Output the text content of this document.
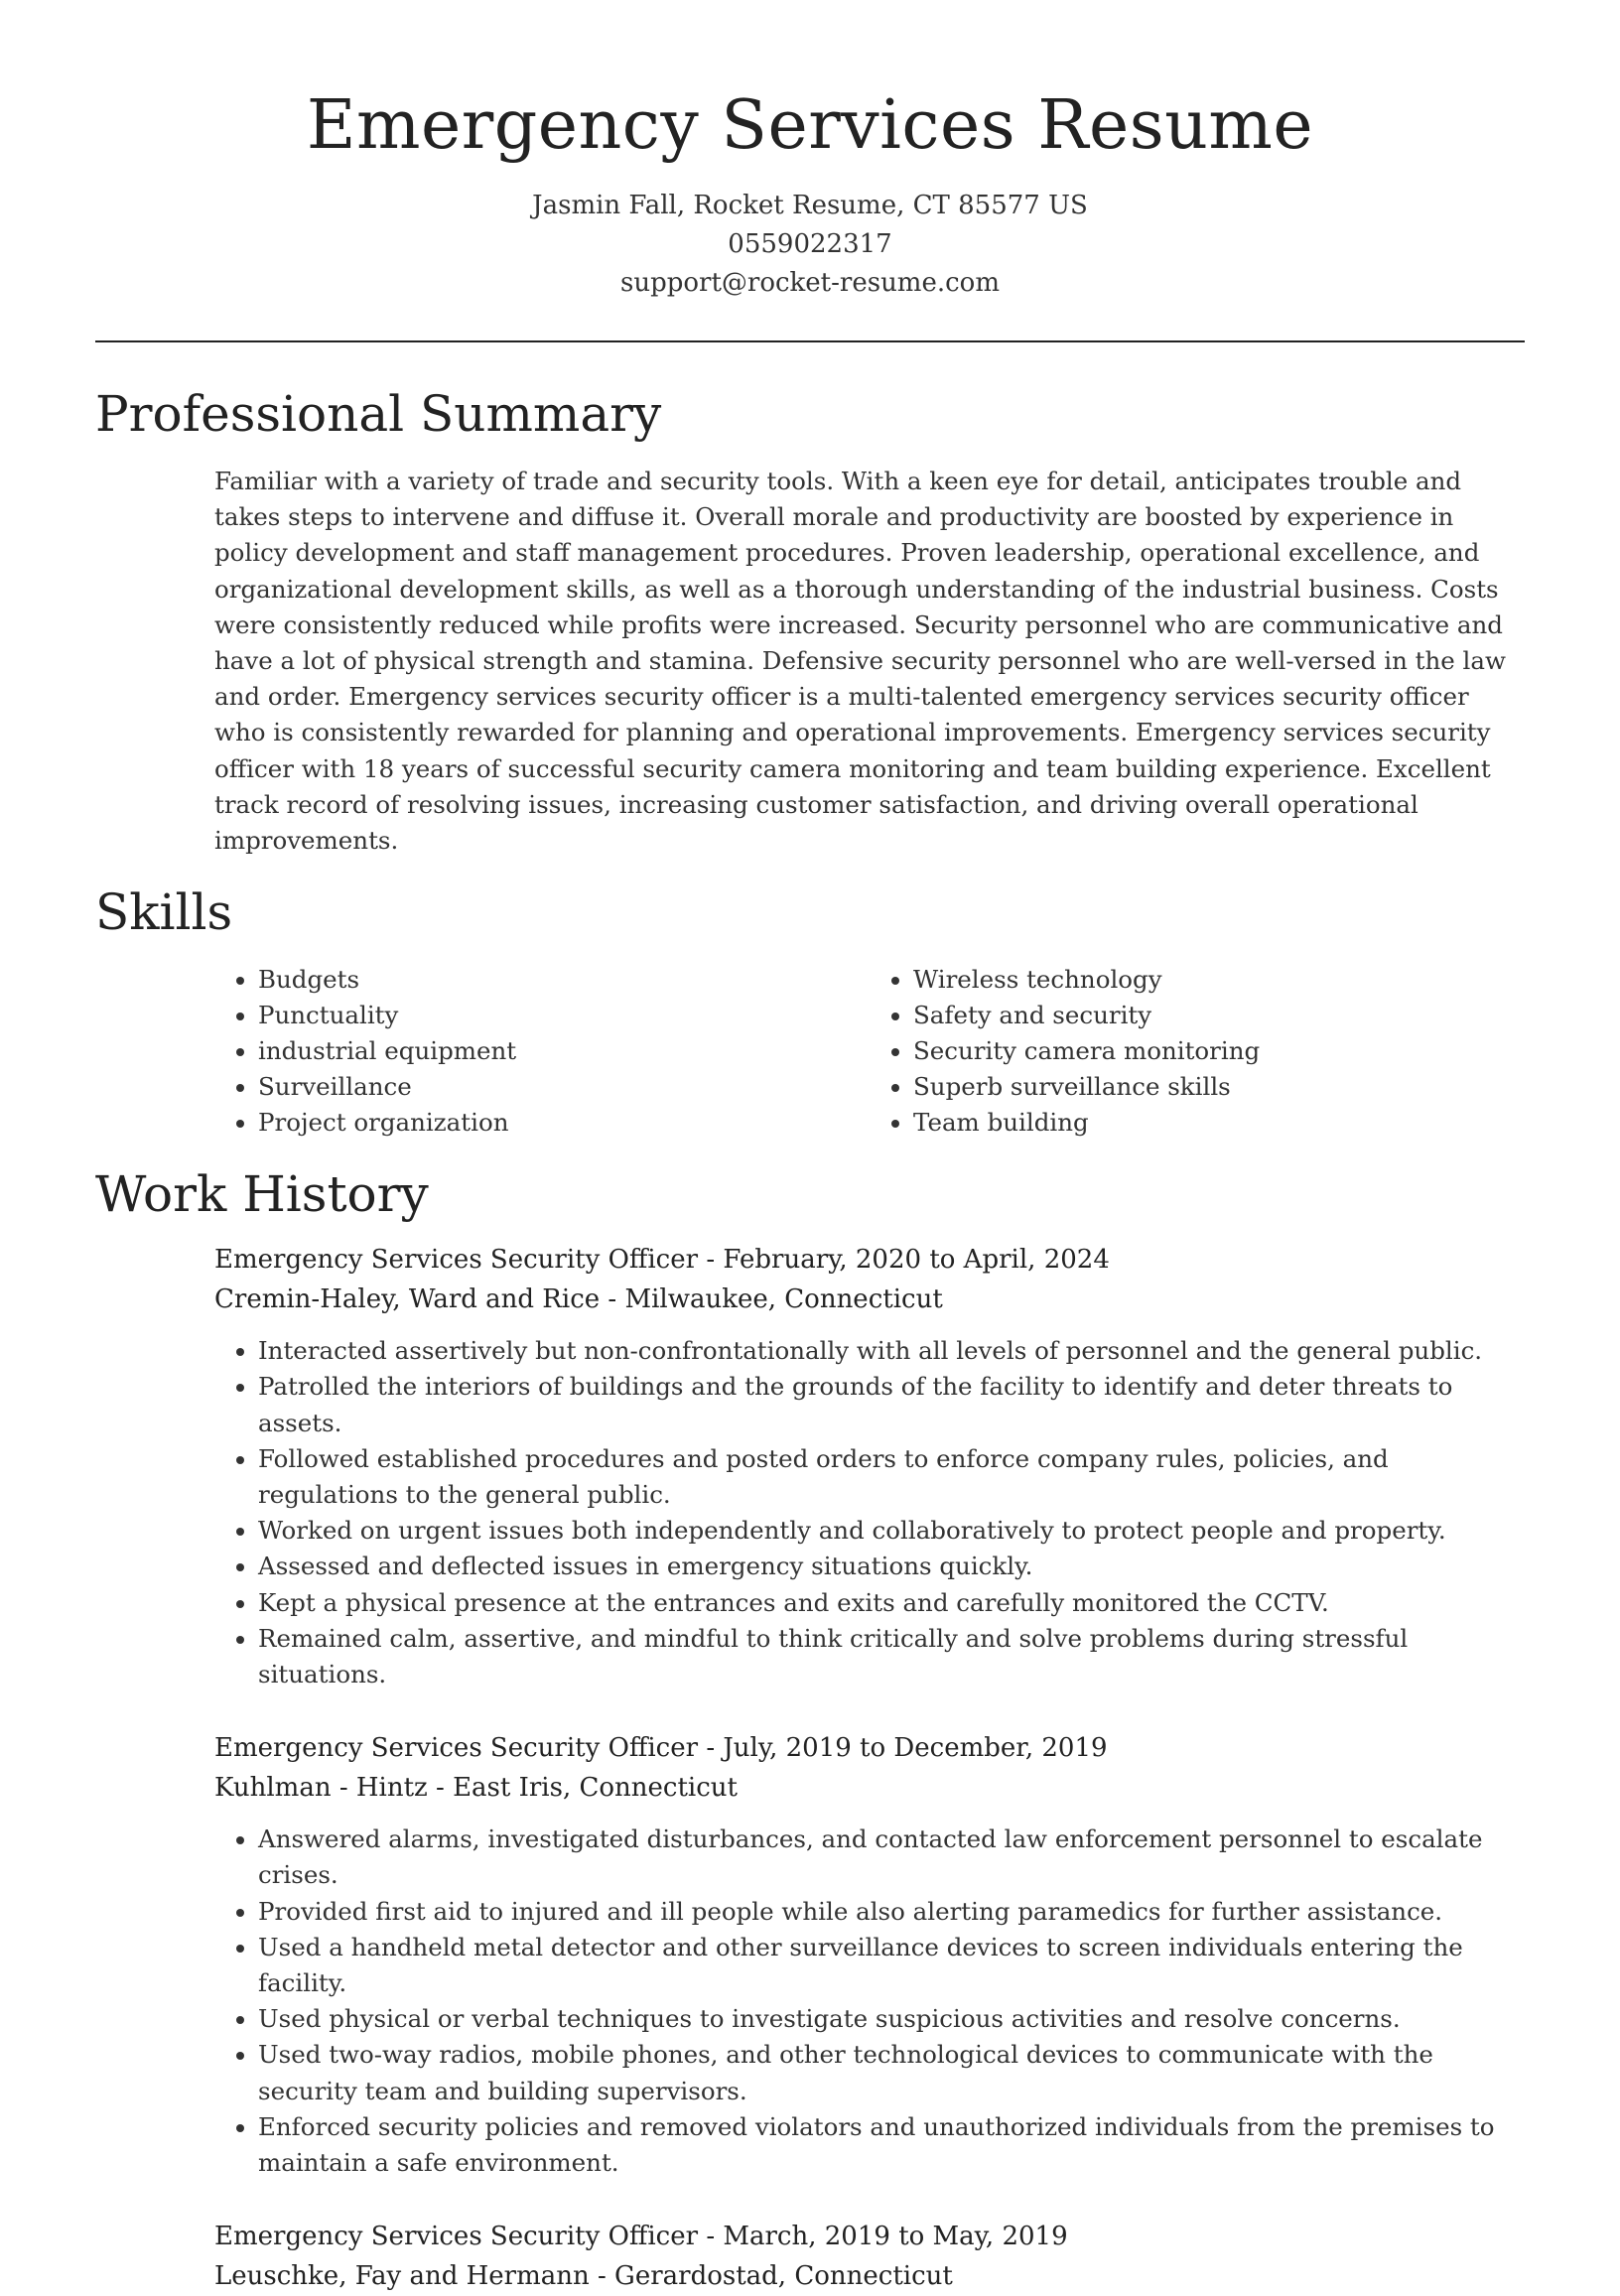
Emergency Services Resume
Jasmin Fall, Rocket Resume, CT 85577 US
0559022317
support@rocket-resume.com
Professional Summary

Familiar with a variety of trade and security tools. With a keen eye for detail, anticipates trouble and takes steps to intervene and diffuse it. Overall morale and productivity are boosted by experience in policy development and staff management procedures. Proven leadership, operational excellence, and organizational development skills, as well as a thorough understanding of the industrial business. Costs were consistently reduced while profits were increased. Security personnel who are communicative and have a lot of physical strength and stamina. Defensive security personnel who are well-versed in the law and order. Emergency services security officer is a multi-talented emergency services security officer who is consistently rewarded for planning and operational improvements. Emergency services security officer with 18 years of successful security camera monitoring and team building experience. Excellent track record of resolving issues, increasing customer satisfaction, and driving overall operational improvements.

Skills
• Budgets
• Punctuality
• industrial equipment
• Surveillance
• Project organization
• Wireless technology
• Safety and security
• Security camera monitoring
• Superb surveillance skills
• Team building
Work History
Emergency Services Security Officer - February, 2020 to April, 2024
Cremin-Haley, Ward and Rice - Milwaukee, Connecticut
• Interacted assertively but non-confrontationally with all levels of personnel and the general public.
• Patrolled the interiors of buildings and the grounds of the facility to identify and deter threats to assets.
• Followed established procedures and posted orders to enforce company rules, policies, and regulations to the general public.
• Worked on urgent issues both independently and collaboratively to protect people and property.
• Assessed and deflected issues in emergency situations quickly.
• Kept a physical presence at the entrances and exits and carefully monitored the CCTV.
• Remained calm, assertive, and mindful to think critically and solve problems during stressful situations.
Emergency Services Security Officer - July, 2019 to December, 2019
Kuhlman - Hintz - East Iris, Connecticut
• Answered alarms, investigated disturbances, and contacted law enforcement personnel to escalate crises.
• Provided first aid to injured and ill people while also alerting paramedics for further assistance.
• Used a handheld metal detector and other surveillance devices to screen individuals entering the facility.
• Used physical or verbal techniques to investigate suspicious activities and resolve concerns.
• Used two-way radios, mobile phones, and other technological devices to communicate with the security team and building supervisors.
• Enforced security policies and removed violators and unauthorized individuals from the premises to maintain a safe environment.
Emergency Services Security Officer - March, 2019 to May, 2019
Leuschke, Fay and Hermann - Gerardostad, Connecticut
